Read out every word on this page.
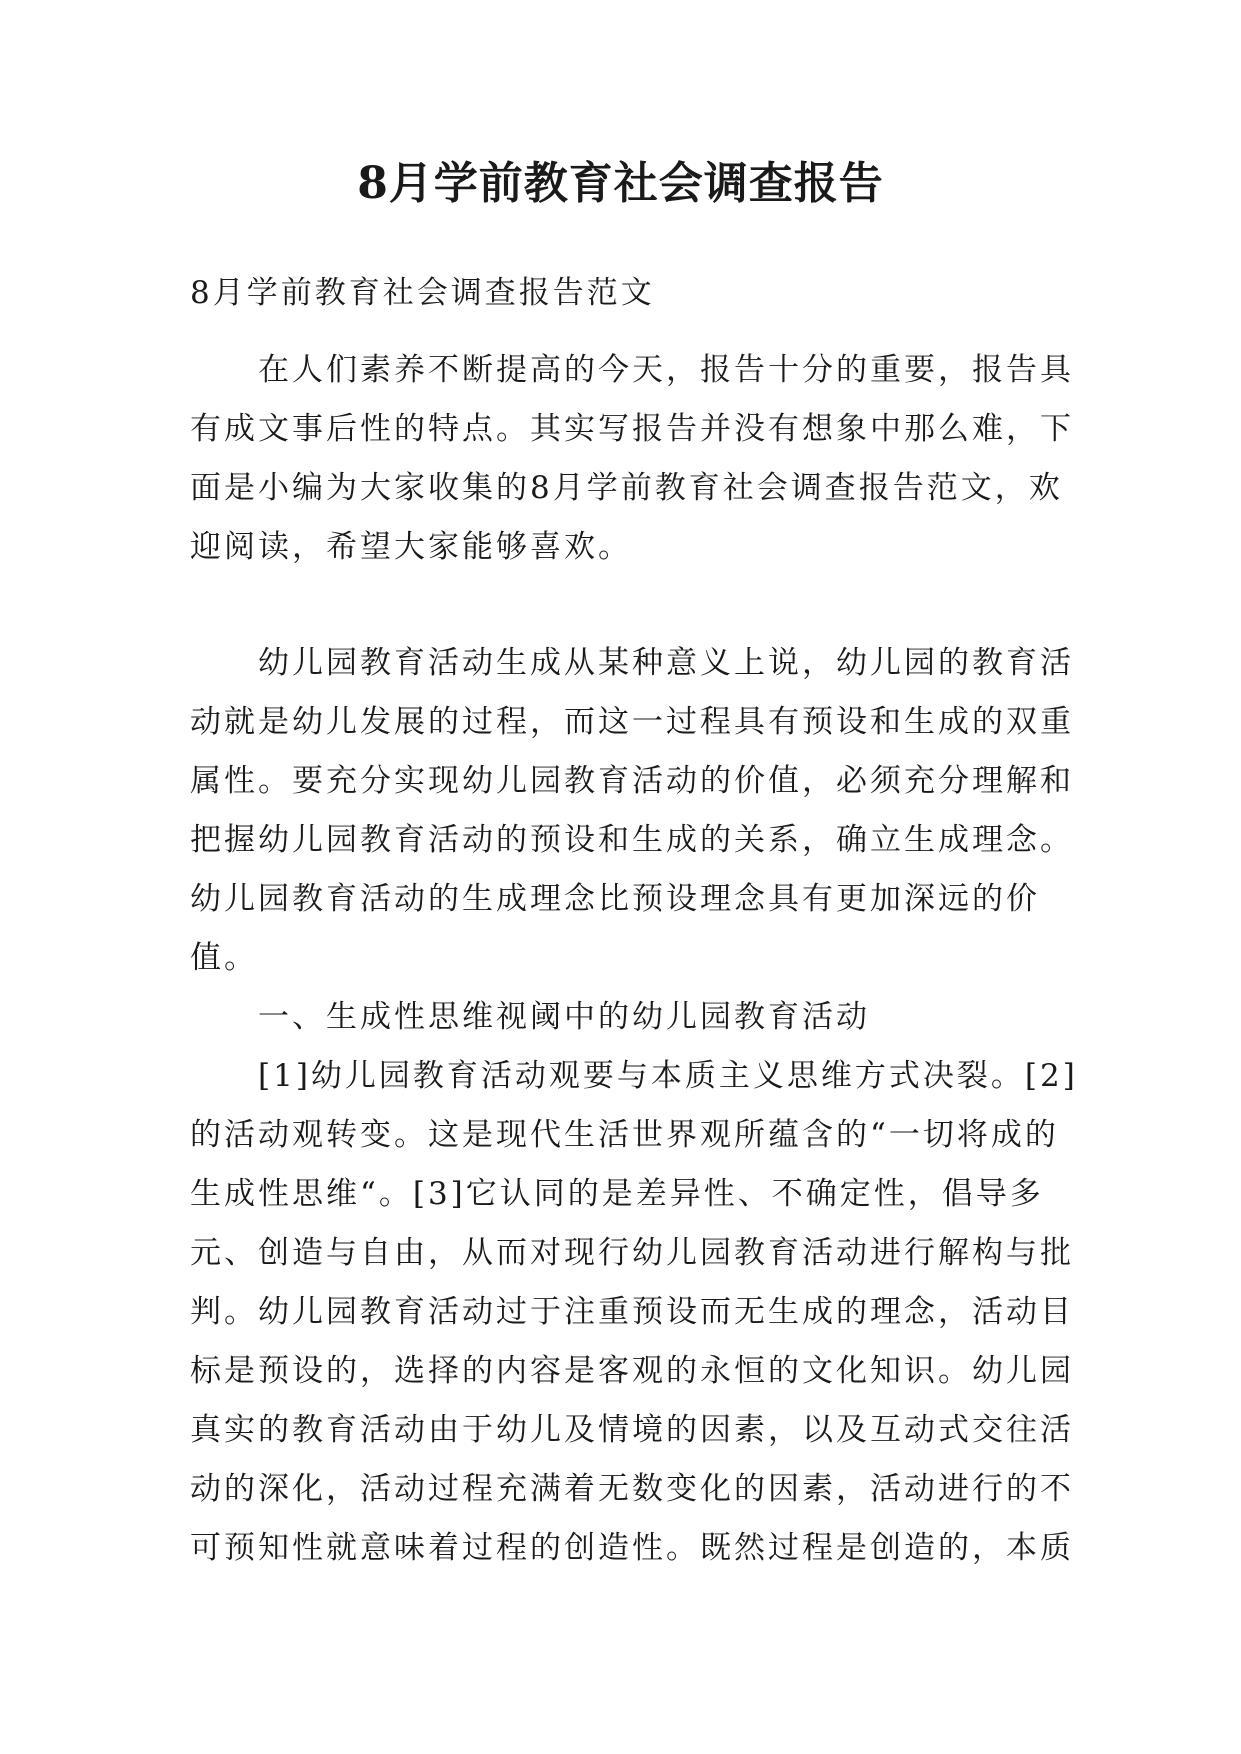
8月学前教育社会调查报告

8月学前教育社会调查报告范文

在人们素养不断提高的今天，报告十分的重要，报告具

有成文事后性的特点。其实写报告并没有想象中那么难，下

面是小编为大家收集的8月学前教育社会调查报告范文，欢

迎阅读，希望大家能够喜欢。

幼儿园教育活动生成从某种意义上说，幼儿园的教育活

动就是幼儿发展的过程，而这一过程具有预设和生成的双重

属性。要充分实现幼儿园教育活动的价值，必须充分理解和

把握幼儿园教育活动的预设和生成的关系，确立生成理念。

幼儿园教育活动的生成理念比预设理念具有更加深远的价

值。

一、生成性思维视阈中的幼儿园教育活动

[1]幼儿园教育活动观要与本质主义思维方式决裂。[2]

的活动观转变。这是现代生活世界观所蕴含的“一切将成的

生成性思维“。[3]它认同的是差异性、不确定性，倡导多

元、创造与自由，从而对现行幼儿园教育活动进行解构与批

判。幼儿园教育活动过于注重预设而无生成的理念，活动目

标是预设的，选择的内容是客观的永恒的文化知识。幼儿园

真实的教育活动由于幼儿及情境的因素，以及互动式交往活

动的深化，活动过程充满着无数变化的因素，活动进行的不

可预知性就意味着过程的创造性。既然过程是创造的，本质
